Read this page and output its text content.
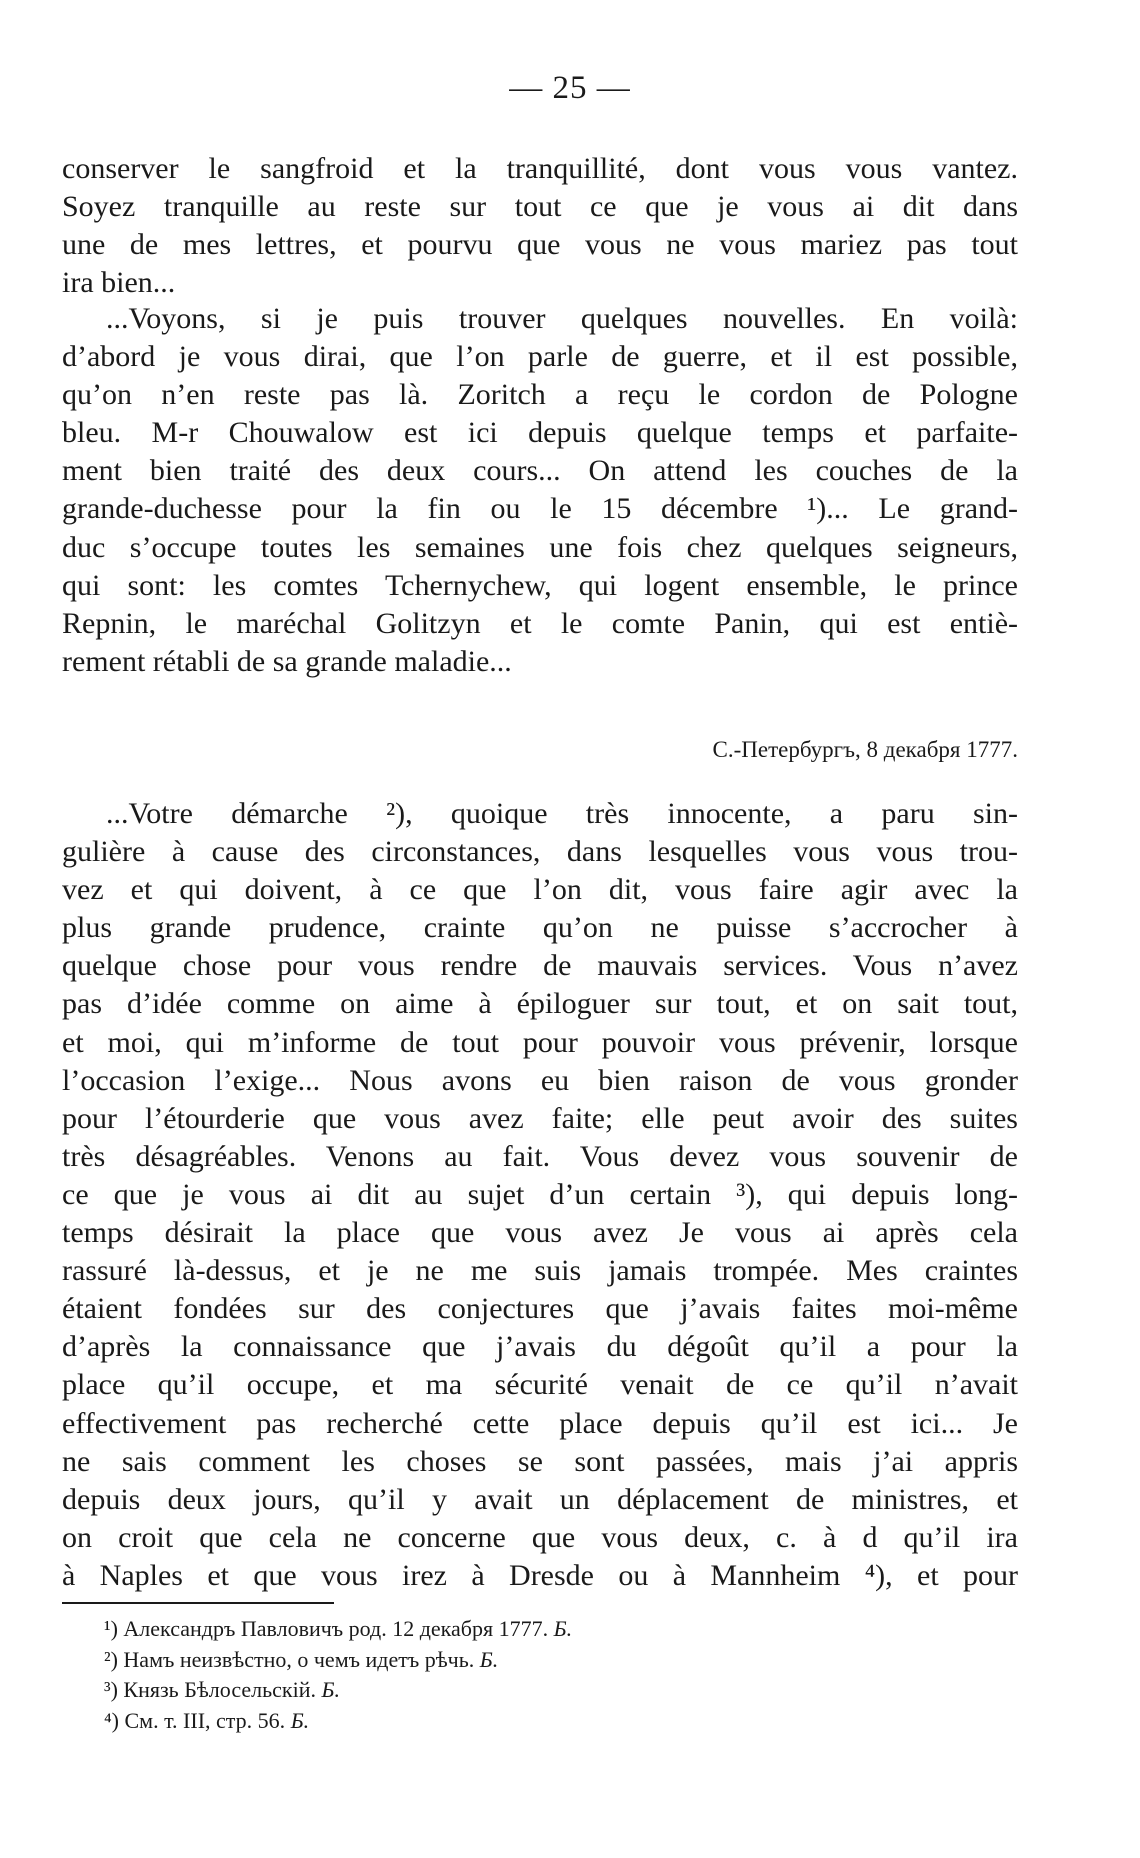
— 25 —

conserver le sangfroid et la tranquillité, dont vous vous vantez.
Soyez tranquille au reste sur tout ce que je vous ai dit dans
une de mes lettres, et pourvu que vous ne vous mariez pas tout
ira bien...

...Voyons, si je puis trouver quelques nouvelles. En voilà:
d’abord je vous dirai, que l’on parle de guerre, et il est possible,
qu’on n’en reste pas là. Zoritch a reçu le cordon de Pologne
bleu. M-r Chouwalow est ici depuis quelque temps et parfaite-
ment bien traité des deux cours... On attend les couches de la
grande-duchesse pour la fin ou le 15 décembre ¹)... Le grand-
duc s’occupe toutes les semaines une fois chez quelques seigneurs,
qui sont: les comtes Tchernychew, qui logent ensemble, le prince
Repnin, le maréchal Golitzyn et le comte Panin, qui est entiè-
rement rétabli de sa grande maladie...

С.-Петербургъ, 8 декабря 1777.

...Votre démarche ²), quoique très innocente, a paru sin-
gulière à cause des circonstances, dans lesquelles vous vous trou-
vez et qui doivent, à ce que l’on dit, vous faire agir avec la
plus grande prudence, crainte qu’on ne puisse s’accrocher à
quelque chose pour vous rendre de mauvais services. Vous n’avez
pas d’idée comme on aime à épiloguer sur tout, et on sait tout,
et moi, qui m’informe de tout pour pouvoir vous prévenir, lorsque
l’occasion l’exige... Nous avons eu bien raison de vous gronder
pour l’étourderie que vous avez faite; elle peut avoir des suites
très désagréables. Venons au fait. Vous devez vous souvenir de
ce que je vous ai dit au sujet d’un certain ³), qui depuis long-
temps désirait la place que vous avez Je vous ai après cela
rassuré là-dessus, et je ne me suis jamais trompée. Mes craintes
étaient fondées sur des conjectures que j’avais faites moi-même
d’après la connaissance que j’avais du dégoût qu’il a pour la
place qu’il occupe, et ma sécurité venait de ce qu’il n’avait
effectivement pas recherché cette place depuis qu’il est ici... Je
ne sais comment les choses se sont passées, mais j’ai appris
depuis deux jours, qu’il y avait un déplacement de ministres, et
on croit que cela ne concerne que vous deux, c. à d qu’il ira
à Naples et que vous irez à Dresde ou à Mannheim ⁴), et pour

¹) Александръ Павловичъ род. 12 декабря 1777. Б.
²) Намъ неизвѣстно, о чемъ идетъ рѣчь. Б.
³) Князь Бѣлосельскій. Б.
⁴) См. т. III, стр. 56. Б.
